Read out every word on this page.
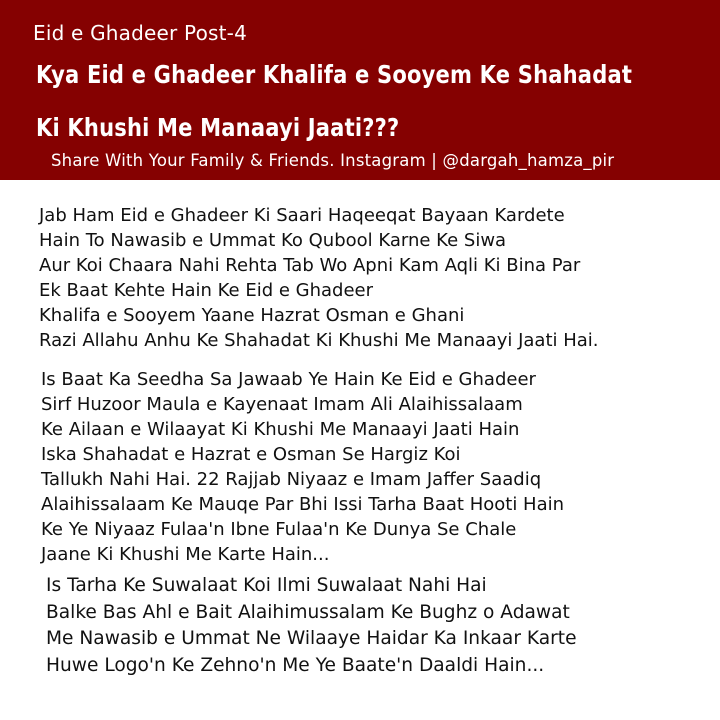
Eid e Ghadeer Post-4
Kya Eid e Ghadeer Khalifa e Sooyem Ke Shahadat
Ki Khushi Me Manaayi Jaati???
Share With Your Family & Friends. Instagram | @dargah_hamza_pir
Jab Ham Eid e Ghadeer Ki Saari Haqeeqat Bayaan Kardete
Hain To Nawasib e Ummat Ko Qubool Karne Ke Siwa
Aur Koi Chaara Nahi Rehta Tab Wo Apni Kam Aqli Ki Bina Par
Ek Baat Kehte Hain Ke Eid e Ghadeer
Khalifa e Sooyem Yaane Hazrat Osman e Ghani
Razi Allahu Anhu Ke Shahadat Ki Khushi Me Manaayi Jaati Hai.
Is Baat Ka Seedha Sa Jawaab Ye Hain Ke Eid e Ghadeer
Sirf Huzoor Maula e Kayenaat Imam Ali Alaihissalaam
Ke Ailaan e Wilaayat Ki Khushi Me Manaayi Jaati Hain
Iska Shahadat e Hazrat e Osman Se Hargiz Koi
Tallukh Nahi Hai. 22 Rajjab Niyaaz e Imam Jaffer Saadiq
Alaihissalaam Ke Mauqe Par Bhi Issi Tarha Baat Hooti Hain
Ke Ye Niyaaz Fulaa'n Ibne Fulaa'n Ke Dunya Se Chale
Jaane Ki Khushi Me Karte Hain...
Is Tarha Ke Suwalaat Koi Ilmi Suwalaat Nahi Hai
Balke Bas Ahl e Bait Alaihimussalam Ke Bughz o Adawat
Me Nawasib e Ummat Ne Wilaaye Haidar Ka Inkaar Karte
Huwe Logo'n Ke Zehno'n Me Ye Baate'n Daaldi Hain...
